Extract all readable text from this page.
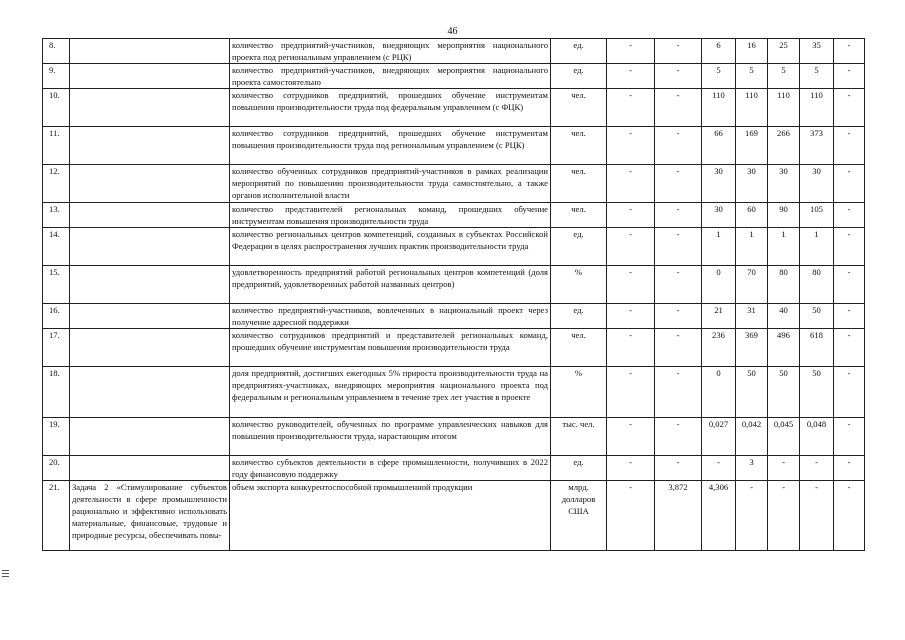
46
8.		количество предприятий-участников, внедряющих мероприятия национального проекта под региональным управлением (с РЦК)	ед.	-	-	6	16	25	35	-
9.		количество предприятий-участников, внедряющих мероприятия национального проекта самостоятельно	ед.	-	-	5	5	5	5	-
10.		количество сотрудников предприятий, прошедших обучение инструментам повышения производительности труда под федеральным управлением (с ФЦК)	чел.	-	-	110	110	110	110	-
11.		количество сотрудников предприятий, прошедших обучение инструментам повышения производительности труда под региональным управлением (с РЦК)	чел.	-	-	66	169	266	373	-
12.		количество обученных сотрудников предприятий-участников в рамках реализации мероприятий по повышению производительности труда самостоятельно, а также органов исполнительной власти	чел.	-	-	30	30	30	30	-
13.		количество представителей региональных команд, прошедших обучение инструментам повышения производительности труда	чел.	-	-	30	60	90	105	-
14.		количество региональных центров компетенций, созданных в субъектах Российской Федерации в целях распространения лучших практик производительности труда	ед.	-	-	1	1	1	1	-
15.		удовлетворенность предприятий работой региональных центров компетенций (доля предприятий, удовлетворенных работой названных центров)	%	-	-	0	70	80	80	-
16.		количество предприятий-участников, вовлеченных в национальный проект через получение адресной поддержки	ед.	-	-	21	31	40	50	-
17.		количество сотрудников предприятий и представителей региональных команд, прошедших обучение инструментам повышения производительности труда	чел.	-	-	236	369	496	618	-
18.		доля предприятий, достигших ежегодных 5% прироста производительности труда на предприятиях-участниках, внедряющих мероприятия национального проекта под федеральным и региональным управлением в течение трех лет участия в проекте	%	-	-	0	50	50	50	-
19.		количество руководителей, обученных по программе управленческих навыков для повышения производительности труда, нарастающим итогом	тыс. чел.	-	-	0,027	0,042	0,045	0,048	-
20.		количество субъектов деятельности в сфере промышленности, получивших в 2022 году финансовую поддержку	ед.	-	-	-	3	-	-	-
21.	Задача 2 «Стимулирование субъектов деятельности в сфере промышленности рационально и эффективно использовать материальные, финансовые, трудовые и природные ресурсы, обеспечивать повы-	объем экспорта конкурентоспособной промышленной продукции	млрд. долларов США	-	3,872	4,306	-	-	-	-
